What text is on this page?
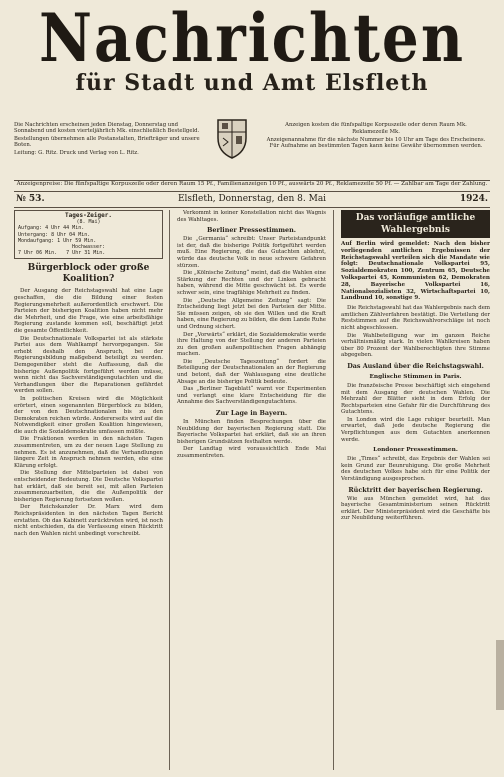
Nachrichten
für Stadt und Amt Elsfleth

Die Nachrichten erscheinen jeden Dienstag, Donnerstag und Sonnabend und kosten vierteljährlich Mk. einschließlich Bestellgeld.

Bestellungen übernehmen alle Postanstalten, Briefträger und unsere Boten.

Leitung: G. Ritz. Druck und Verlag von L. Ritz.

Anzeigen kosten die fünfspaltige Korpuszeile oder deren Raum Mk.

Reklamezeile Mk.

Anzeigenannahme für die nächste Nummer bis 10 Uhr am Tage des Erscheinens. Für Aufnahme an bestimmten Tagen kann keine Gewähr übernommen werden.

Anzeigenpreise: Die fünfspaltige Korpuszeile oder deren Raum 15 Pf., Familienanzeigen 10 Pf., auswärts 20 Pf., Reklamezeile 50 Pf. — Zahlbar am Tage der Zahlung.
№ 53.	Elsfleth, Donnerstag, den 8. Mai	1924.
Tages-Zeiger.
(8. Mai)
Aufgang: 4 Uhr 44 Min.
Untergang: 8 Uhr 04 Min.
Mondaufgang: 1 Uhr 59 Min.
Hochwasser:
7 Uhr 06 Min.   7 Uhr 31 Min.
Bürgerblock oder große Koalition?

Der Ausgang der Reichstagswahl hat eine Lage geschaffen, die die Bildung einer festen Regierungsmehrheit außerordentlich erschwert. Die Parteien der bisherigen Koalition haben nicht mehr die Mehrheit, und die Frage, wie eine arbeitsfähige Regierung zustande kommen soll, beschäftigt jetzt die gesamte Öffentlichkeit.

Die Deutschnationale Volkspartei ist als stärkste Partei aus dem Wahlkampf hervorgegangen. Sie erhebt deshalb den Anspruch, bei der Regierungsbildung maßgebend beteiligt zu werden. Demgegenüber steht die Auffassung, daß die bisherige Außenpolitik fortgeführt werden müsse, wenn nicht das Sachverständigengutachten und die Verhandlungen über die Reparationen gefährdet werden sollen.

In politischen Kreisen wird die Möglichkeit erörtert, einen sogenannten Bürgerblock zu bilden, der von den Deutschnationalen bis zu den Demokraten reichen würde. Andererseits wird auf die Notwendigkeit einer großen Koalition hingewiesen, die auch die Sozialdemokratie umfassen müßte.

Die Fraktionen werden in den nächsten Tagen zusammentreten, um zu der neuen Lage Stellung zu nehmen. Es ist anzunehmen, daß die Verhandlungen längere Zeit in Anspruch nehmen werden, ehe eine Klärung erfolgt.

Die Stellung der Mittelparteien ist dabei von entscheidender Bedeutung. Die Deutsche Volkspartei hat erklärt, daß sie bereit sei, mit allen Parteien zusammenzuarbeiten, die die Außenpolitik der bisherigen Regierung fortsetzen wollen.

Der Reichskanzler Dr. Marx wird dem Reichspräsidenten in den nächsten Tagen Bericht erstatten. Ob das Kabinett zurücktreten wird, ist noch nicht entschieden, da die Verfassung einen Rücktritt nach den Wahlen nicht unbedingt vorschreibt.

Verkommt in keiner Konstellation nicht das Wagnis des Wahltages.

Berliner Pressestimmen.

Die „Germania“ schreibt: Unser Parteistandpunkt ist der, daß die bisherige Politik fortgeführt werden muß. Eine Regierung, die das Gutachten ablehnt, würde das deutsche Volk in neue schwere Gefahren stürzen.

Die „Kölnische Zeitung“ meint, daß die Wahlen eine Stärkung der Rechten und der Linken gebracht haben, während die Mitte geschwächt ist. Es werde schwer sein, eine tragfähige Mehrheit zu finden.

Die „Deutsche Allgemeine Zeitung“ sagt: Die Entscheidung liegt jetzt bei den Parteien der Mitte. Sie müssen zeigen, ob sie den Willen und die Kraft haben, eine Regierung zu bilden, die dem Lande Ruhe und Ordnung sichert.

Der „Vorwärts“ erklärt, die Sozialdemokratie werde ihre Haltung von der Stellung der anderen Parteien zu den großen außenpolitischen Fragen abhängig machen.

Die „Deutsche Tageszeitung“ fordert die Beteiligung der Deutschnationalen an der Regierung und betont, daß der Wahlausgang eine deutliche Absage an die bisherige Politik bedeute.

Das „Berliner Tageblatt“ warnt vor Experimenten und verlangt eine klare Entscheidung für die Annahme des Sachverständigengutachtens.

Zur Lage in Bayern.

In München finden Besprechungen über die Neubildung der bayerischen Regierung statt. Die Bayerische Volkspartei hat erklärt, daß sie an ihren bisherigen Grundsätzen festhalten werde.

Der Landtag wird voraussichtlich Ende Mai zusammentreten.

Das vorläufige amtliche Wahlergebnis
Auf Berlin wird gemeldet: Nach den bisher vorliegenden amtlichen Ergebnissen der Reichstagswahl verteilen sich die Mandate wie folgt: Deutschnationale Volkspartei 95, Sozialdemokraten 100, Zentrum 65, Deutsche Volkspartei 45, Kommunisten 62, Demokraten 28, Bayerische Volkspartei 16, Nationalsozialisten 32, Wirtschaftspartei 10, Landbund 10, sonstige 9.

Die Reichstagswahl hat das Wahlergebnis nach dem amtlichen Zählverfahren bestätigt. Die Verteilung der Reststimmen auf die Reichswahlvorschläge ist noch nicht abgeschlossen.

Die Wahlbeteiligung war im ganzen Reiche verhältnismäßig stark. In vielen Wahlkreisen haben über 80 Prozent der Wahlberechtigten ihre Stimme abgegeben.

Das Ausland über die Reichstagswahl.
Englische Stimmen in Paris.

Die französische Presse beschäftigt sich eingehend mit dem Ausgang der deutschen Wahlen. Die Mehrzahl der Blätter sieht in dem Erfolg der Rechtsparteien eine Gefahr für die Durchführung des Gutachtens.

In London wird die Lage ruhiger beurteilt. Man erwartet, daß jede deutsche Regierung die Verpflichtungen aus dem Gutachten anerkennen werde.

Londoner Pressestimmen.

Die „Times“ schreibt, das Ergebnis der Wahlen sei kein Grund zur Beunruhigung. Die große Mehrheit des deutschen Volkes habe sich für eine Politik der Verständigung ausgesprochen.

Rücktritt der bayerischen Regierung.

Wie aus München gemeldet wird, hat das bayerische Gesamtministerium seinen Rücktritt erklärt. Der Ministerpräsident wird die Geschäfte bis zur Neubildung weiterführen.
